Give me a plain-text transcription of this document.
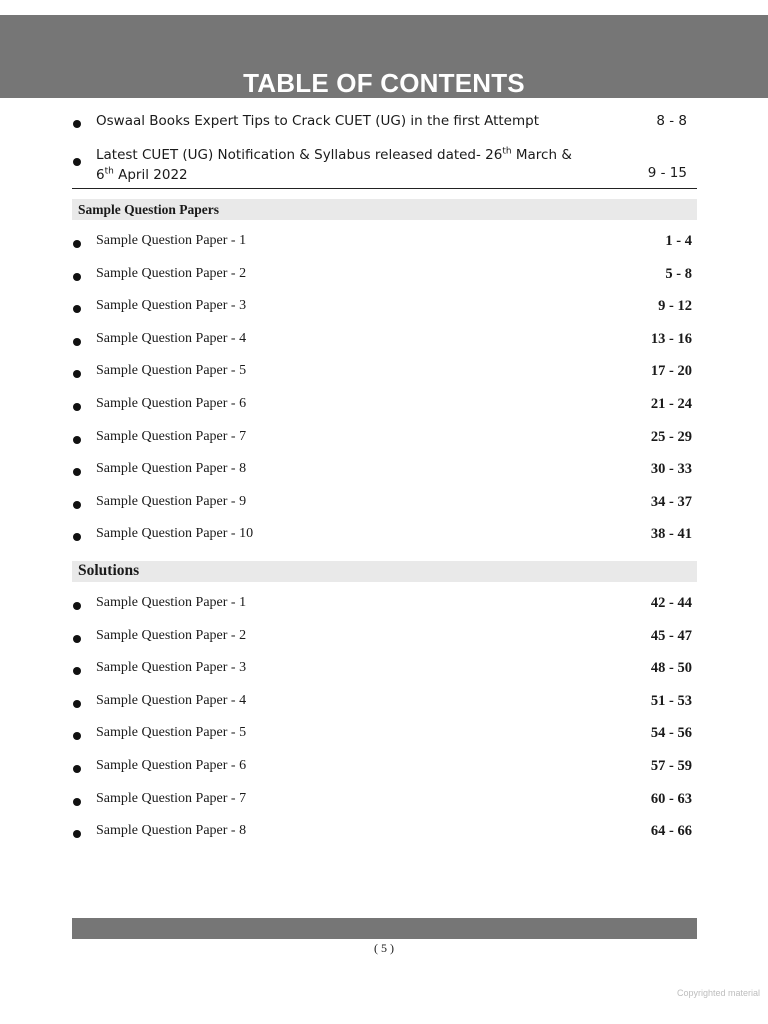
TABLE OF CONTENTS
Oswaal Books Expert Tips to Crack CUET (UG) in the first Attempt	8 - 8
Latest CUET (UG) Notification & Syllabus released dated- 26th March &
6th April 2022	9 - 15
Sample Question Papers
Sample Question Paper - 1	1 - 4
Sample Question Paper - 2	5 - 8
Sample Question Paper - 3	9 - 12
Sample Question Paper - 4	13 - 16
Sample Question Paper - 5	17 - 20
Sample Question Paper - 6	21 - 24
Sample Question Paper - 7	25 - 29
Sample Question Paper - 8	30 - 33
Sample Question Paper - 9	34 - 37
Sample Question Paper - 10	38 - 41
Solutions
Sample Question Paper - 1	42 - 44
Sample Question Paper - 2	45 - 47
Sample Question Paper - 3	48 - 50
Sample Question Paper - 4	51 - 53
Sample Question Paper - 5	54 - 56
Sample Question Paper - 6	57 - 59
Sample Question Paper - 7	60 - 63
Sample Question Paper - 8	64 - 66
( 5 )
Copyrighted material
